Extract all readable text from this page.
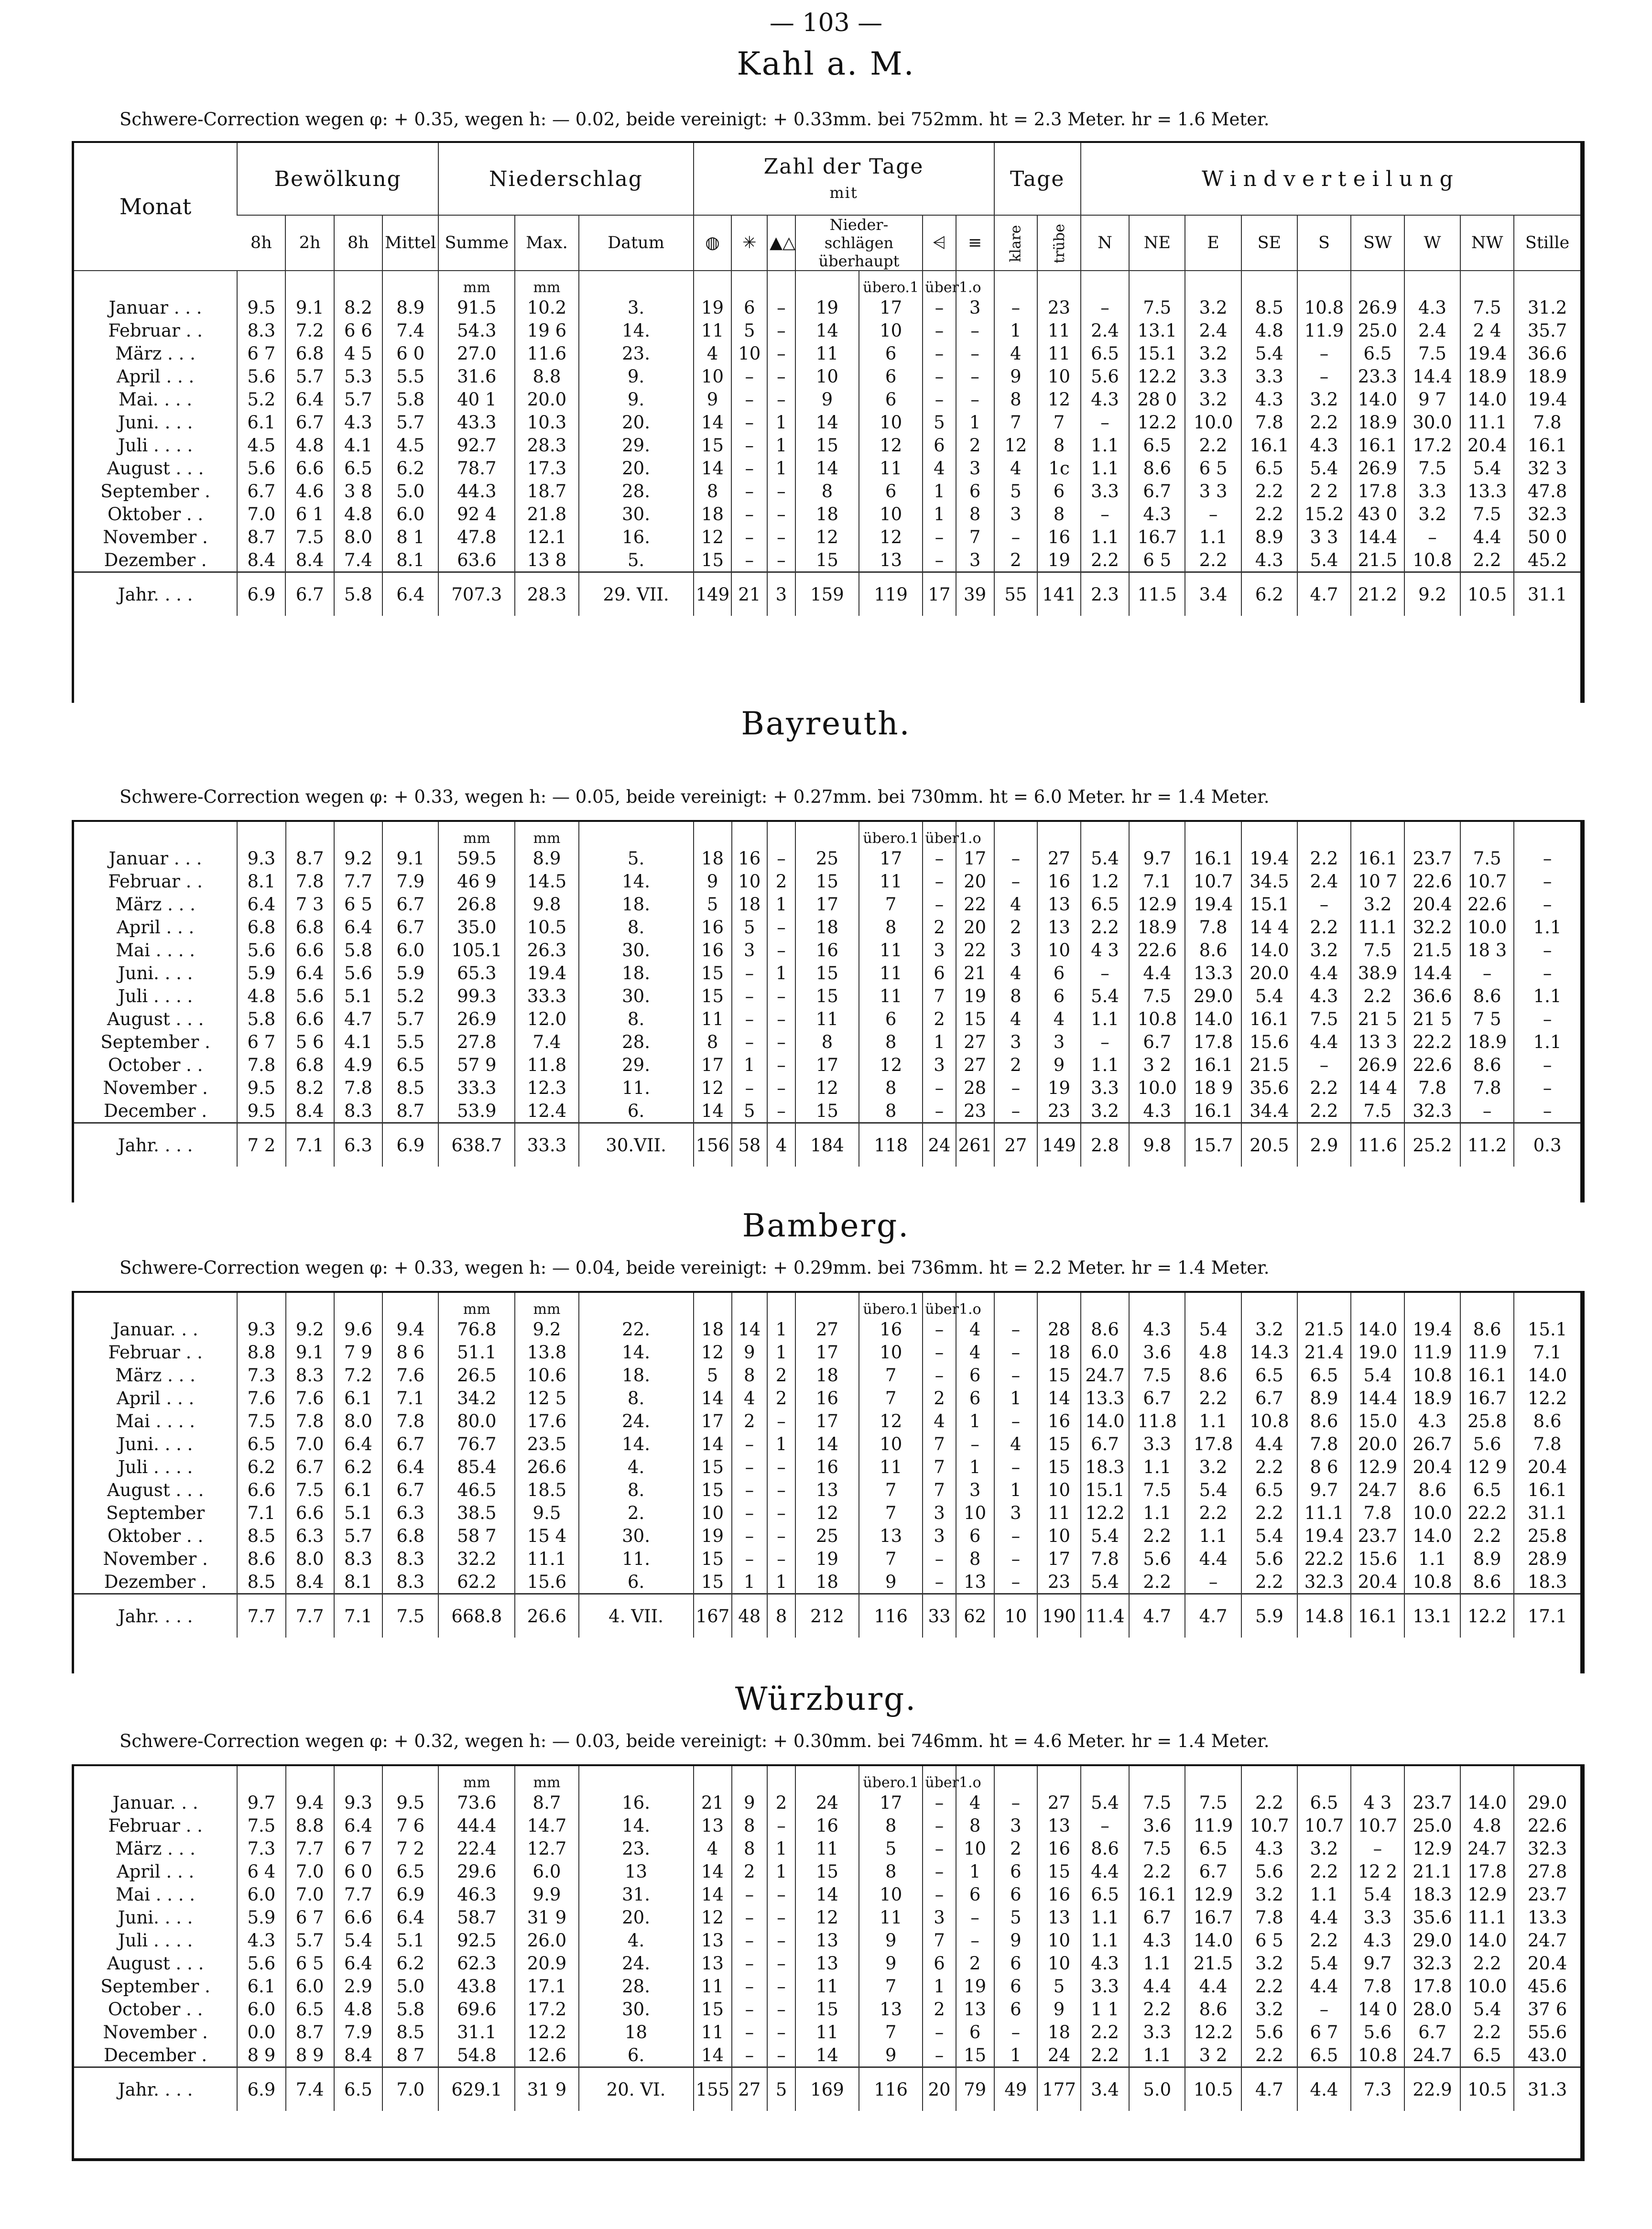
— 103 —
Kahl a. M.
Schwere-Correction wegen φ: + 0.35, wegen h: — 0.02, beide vereinigt: + 0.33mm. bei 752mm. ht = 2.3 Meter. hr = 1.6 Meter.
Monat	Bewölkung				Niederschlag			Zahl der Tage
mit							Tage		Windverteilung								
	8h	2h	8h	Mittel	Summe	Max.	Datum	◍	✳	▲△	Nieder-schlägen überhaupt		⩤	≡	klare	trübe	N	NE	E	SE	S	SW	W	NW	Stille
					mm	mm						übero.1	über1.o												
Januar . . .	9.5	9.1	8.2	8.9	91.5	10.2	3.	19	6	–	19	17	–	3	–	23	–	7.5	3.2	8.5	10.8	26.9	4.3	7.5	31.2
Februar . .	8.3	7.2	6 6	7.4	54.3	19 6	14.	11	5	–	14	10	–	–	1	11	2.4	13.1	2.4	4.8	11.9	25.0	2.4	2 4	35.7
März . . .	6 7	6.8	4 5	6 0	27.0	11.6	23.	4	10	–	11	6	–	–	4	11	6.5	15.1	3.2	5.4	–	6.5	7.5	19.4	36.6
April . . .	5.6	5.7	5.3	5.5	31.6	8.8	9.	10	–	–	10	6	–	–	9	10	5.6	12.2	3.3	3.3	–	23.3	14.4	18.9	18.9
Mai. . . .	5.2	6.4	5.7	5.8	40 1	20.0	9.	9	–	–	9	6	–	–	8	12	4.3	28 0	3.2	4.3	3.2	14.0	9 7	14.0	19.4
Juni. . . .	6.1	6.7	4.3	5.7	43.3	10.3	20.	14	–	1	14	10	5	1	7	7	–	12.2	10.0	7.8	2.2	18.9	30.0	11.1	7.8
Juli . . . .	4.5	4.8	4.1	4.5	92.7	28.3	29.	15	–	1	15	12	6	2	12	8	1.1	6.5	2.2	16.1	4.3	16.1	17.2	20.4	16.1
August . . .	5.6	6.6	6.5	6.2	78.7	17.3	20.	14	–	1	14	11	4	3	4	1c	1.1	8.6	6 5	6.5	5.4	26.9	7.5	5.4	32 3
September .	6.7	4.6	3 8	5.0	44.3	18.7	28.	8	–	–	8	6	1	6	5	6	3.3	6.7	3 3	2.2	2 2	17.8	3.3	13.3	47.8
Oktober . .	7.0	6 1	4.8	6.0	92 4	21.8	30.	18	–	–	18	10	1	8	3	8	–	4.3	–	2.2	15.2	43 0	3.2	7.5	32.3
November .	8.7	7.5	8.0	8 1	47.8	12.1	16.	12	–	–	12	12	–	7	–	16	1.1	16.7	1.1	8.9	3 3	14.4	–	4.4	50 0
Dezember .	8.4	8.4	7.4	8.1	63.6	13 8	5.	15	–	–	15	13	–	3	2	19	2.2	6 5	2.2	4.3	5.4	21.5	10.8	2.2	45.2
Jahr. . . .	6.9	6.7	5.8	6.4	707.3	28.3	29. VII.	149	21	3	159	119	17	39	55	141	2.3	11.5	3.4	6.2	4.7	21.2	9.2	10.5	31.1
Bayreuth.
Schwere-Correction wegen φ: + 0.33, wegen h: — 0.05, beide vereinigt: + 0.27mm. bei 730mm. ht = 6.0 Meter. hr = 1.4 Meter.
					mm	mm						übero.1	über1.o												
Januar . . .	9.3	8.7	9.2	9.1	59.5	8.9	5.	18	16	–	25	17	–	17	–	27	5.4	9.7	16.1	19.4	2.2	16.1	23.7	7.5	–
Februar . .	8.1	7.8	7.7	7.9	46 9	14.5	14.	9	10	2	15	11	–	20	–	16	1.2	7.1	10.7	34.5	2.4	10 7	22.6	10.7	–
März . . .	6.4	7 3	6 5	6.7	26.8	9.8	18.	5	18	1	17	7	–	22	4	13	6.5	12.9	19.4	15.1	–	3.2	20.4	22.6	–
April . . .	6.8	6.8	6.4	6.7	35.0	10.5	8.	16	5	–	18	8	2	20	2	13	2.2	18.9	7.8	14 4	2.2	11.1	32.2	10.0	1.1
Mai . . . .	5.6	6.6	5.8	6.0	105.1	26.3	30.	16	3	–	16	11	3	22	3	10	4 3	22.6	8.6	14.0	3.2	7.5	21.5	18 3	–
Juni. . . .	5.9	6.4	5.6	5.9	65.3	19.4	18.	15	–	1	15	11	6	21	4	6	–	4.4	13.3	20.0	4.4	38.9	14.4	–	–
Juli . . . .	4.8	5.6	5.1	5.2	99.3	33.3	30.	15	–	–	15	11	7	19	8	6	5.4	7.5	29.0	5.4	4.3	2.2	36.6	8.6	1.1
August . . .	5.8	6.6	4.7	5.7	26.9	12.0	8.	11	–	–	11	6	2	15	4	4	1.1	10.8	14.0	16.1	7.5	21 5	21 5	7 5	–
September .	6 7	5 6	4.1	5.5	27.8	7.4	28.	8	–	–	8	8	1	27	3	3	–	6.7	17.8	15.6	4.4	13 3	22.2	18.9	1.1
October . .	7.8	6.8	4.9	6.5	57 9	11.8	29.	17	1	–	17	12	3	27	2	9	1.1	3 2	16.1	21.5	–	26.9	22.6	8.6	–
November .	9.5	8.2	7.8	8.5	33.3	12.3	11.	12	–	–	12	8	–	28	–	19	3.3	10.0	18 9	35.6	2.2	14 4	7.8	7.8	–
December .	9.5	8.4	8.3	8.7	53.9	12.4	6.	14	5	–	15	8	–	23	–	23	3.2	4.3	16.1	34.4	2.2	7.5	32.3	–	–
Jahr. . . .	7 2	7.1	6.3	6.9	638.7	33.3	30.VII.	156	58	4	184	118	24	261	27	149	2.8	9.8	15.7	20.5	2.9	11.6	25.2	11.2	0.3
Bamberg.
Schwere-Correction wegen φ: + 0.33, wegen h: — 0.04, beide vereinigt: + 0.29mm. bei 736mm. ht = 2.2 Meter. hr = 1.4 Meter.
					mm	mm						übero.1	über1.o												
Januar. . .	9.3	9.2	9.6	9.4	76.8	9.2	22.	18	14	1	27	16	–	4	–	28	8.6	4.3	5.4	3.2	21.5	14.0	19.4	8.6	15.1
Februar . .	8.8	9.1	7 9	8 6	51.1	13.8	14.	12	9	1	17	10	–	4	–	18	6.0	3.6	4.8	14.3	21.4	19.0	11.9	11.9	7.1
März . . .	7.3	8.3	7.2	7.6	26.5	10.6	18.	5	8	2	18	7	–	6	–	15	24.7	7.5	8.6	6.5	6.5	5.4	10.8	16.1	14.0
April . . .	7.6	7.6	6.1	7.1	34.2	12 5	8.	14	4	2	16	7	2	6	1	14	13.3	6.7	2.2	6.7	8.9	14.4	18.9	16.7	12.2
Mai . . . .	7.5	7.8	8.0	7.8	80.0	17.6	24.	17	2	–	17	12	4	1	–	16	14.0	11.8	1.1	10.8	8.6	15.0	4.3	25.8	8.6
Juni. . . .	6.5	7.0	6.4	6.7	76.7	23.5	14.	14	–	1	14	10	7	–	4	15	6.7	3.3	17.8	4.4	7.8	20.0	26.7	5.6	7.8
Juli . . . .	6.2	6.7	6.2	6.4	85.4	26.6	4.	15	–	–	16	11	7	1	–	15	18.3	1.1	3.2	2.2	8 6	12.9	20.4	12 9	20.4
August . . .	6.6	7.5	6.1	6.7	46.5	18.5	8.	15	–	–	13	7	7	3	1	10	15.1	7.5	5.4	6.5	9.7	24.7	8.6	6.5	16.1
September	7.1	6.6	5.1	6.3	38.5	9.5	2.	10	–	–	12	7	3	10	3	11	12.2	1.1	2.2	2.2	11.1	7.8	10.0	22.2	31.1
Oktober . .	8.5	6.3	5.7	6.8	58 7	15 4	30.	19	–	–	25	13	3	6	–	10	5.4	2.2	1.1	5.4	19.4	23.7	14.0	2.2	25.8
November .	8.6	8.0	8.3	8.3	32.2	11.1	11.	15	–	–	19	7	–	8	–	17	7.8	5.6	4.4	5.6	22.2	15.6	1.1	8.9	28.9
Dezember .	8.5	8.4	8.1	8.3	62.2	15.6	6.	15	1	1	18	9	–	13	–	23	5.4	2.2	–	2.2	32.3	20.4	10.8	8.6	18.3
Jahr. . . .	7.7	7.7	7.1	7.5	668.8	26.6	4. VII.	167	48	8	212	116	33	62	10	190	11.4	4.7	4.7	5.9	14.8	16.1	13.1	12.2	17.1
Würzburg.
Schwere-Correction wegen φ: + 0.32, wegen h: — 0.03, beide vereinigt: + 0.30mm. bei 746mm. ht = 4.6 Meter. hr = 1.4 Meter.
					mm	mm						übero.1	über1.o												
Januar. . .	9.7	9.4	9.3	9.5	73.6	8.7	16.	21	9	2	24	17	–	4	–	27	5.4	7.5	7.5	2.2	6.5	4 3	23.7	14.0	29.0
Februar . .	7.5	8.8	6.4	7 6	44.4	14.7	14.	13	8	–	16	8	–	8	3	13	–	3.6	11.9	10.7	10.7	10.7	25.0	4.8	22.6
März . . .	7.3	7.7	6 7	7 2	22.4	12.7	23.	4	8	1	11	5	–	10	2	16	8.6	7.5	6.5	4.3	3.2	–	12.9	24.7	32.3
April . . .	6 4	7.0	6 0	6.5	29.6	6.0	13	14	2	1	15	8	–	1	6	15	4.4	2.2	6.7	5.6	2.2	12 2	21.1	17.8	27.8
Mai . . . .	6.0	7.0	7.7	6.9	46.3	9.9	31.	14	–	–	14	10	–	6	6	16	6.5	16.1	12.9	3.2	1.1	5.4	18.3	12.9	23.7
Juni. . . .	5.9	6 7	6.6	6.4	58.7	31 9	20.	12	–	–	12	11	3	–	5	13	1.1	6.7	16.7	7.8	4.4	3.3	35.6	11.1	13.3
Juli . . . .	4.3	5.7	5.4	5.1	92.5	26.0	4.	13	–	–	13	9	7	–	9	10	1.1	4.3	14.0	6 5	2.2	4.3	29.0	14.0	24.7
August . . .	5.6	6 5	6.4	6.2	62.3	20.9	24.	13	–	–	13	9	6	2	6	10	4.3	1.1	21.5	3.2	5.4	9.7	32.3	2.2	20.4
September .	6.1	6.0	2.9	5.0	43.8	17.1	28.	11	–	–	11	7	1	19	6	5	3.3	4.4	4.4	2.2	4.4	7.8	17.8	10.0	45.6
October . .	6.0	6.5	4.8	5.8	69.6	17.2	30.	15	–	–	15	13	2	13	6	9	1 1	2.2	8.6	3.2	–	14 0	28.0	5.4	37 6
November .	0.0	8.7	7.9	8.5	31.1	12.2	18	11	–	–	11	7	–	6	–	18	2.2	3.3	12.2	5.6	6 7	5.6	6.7	2.2	55.6
December .	8 9	8 9	8.4	8 7	54.8	12.6	6.	14	–	–	14	9	–	15	1	24	2.2	1.1	3 2	2.2	6.5	10.8	24.7	6.5	43.0
Jahr. . . .	6.9	7.4	6.5	7.0	629.1	31 9	20. VI.	155	27	5	169	116	20	79	49	177	3.4	5.0	10.5	4.7	4.4	7.3	22.9	10.5	31.3
